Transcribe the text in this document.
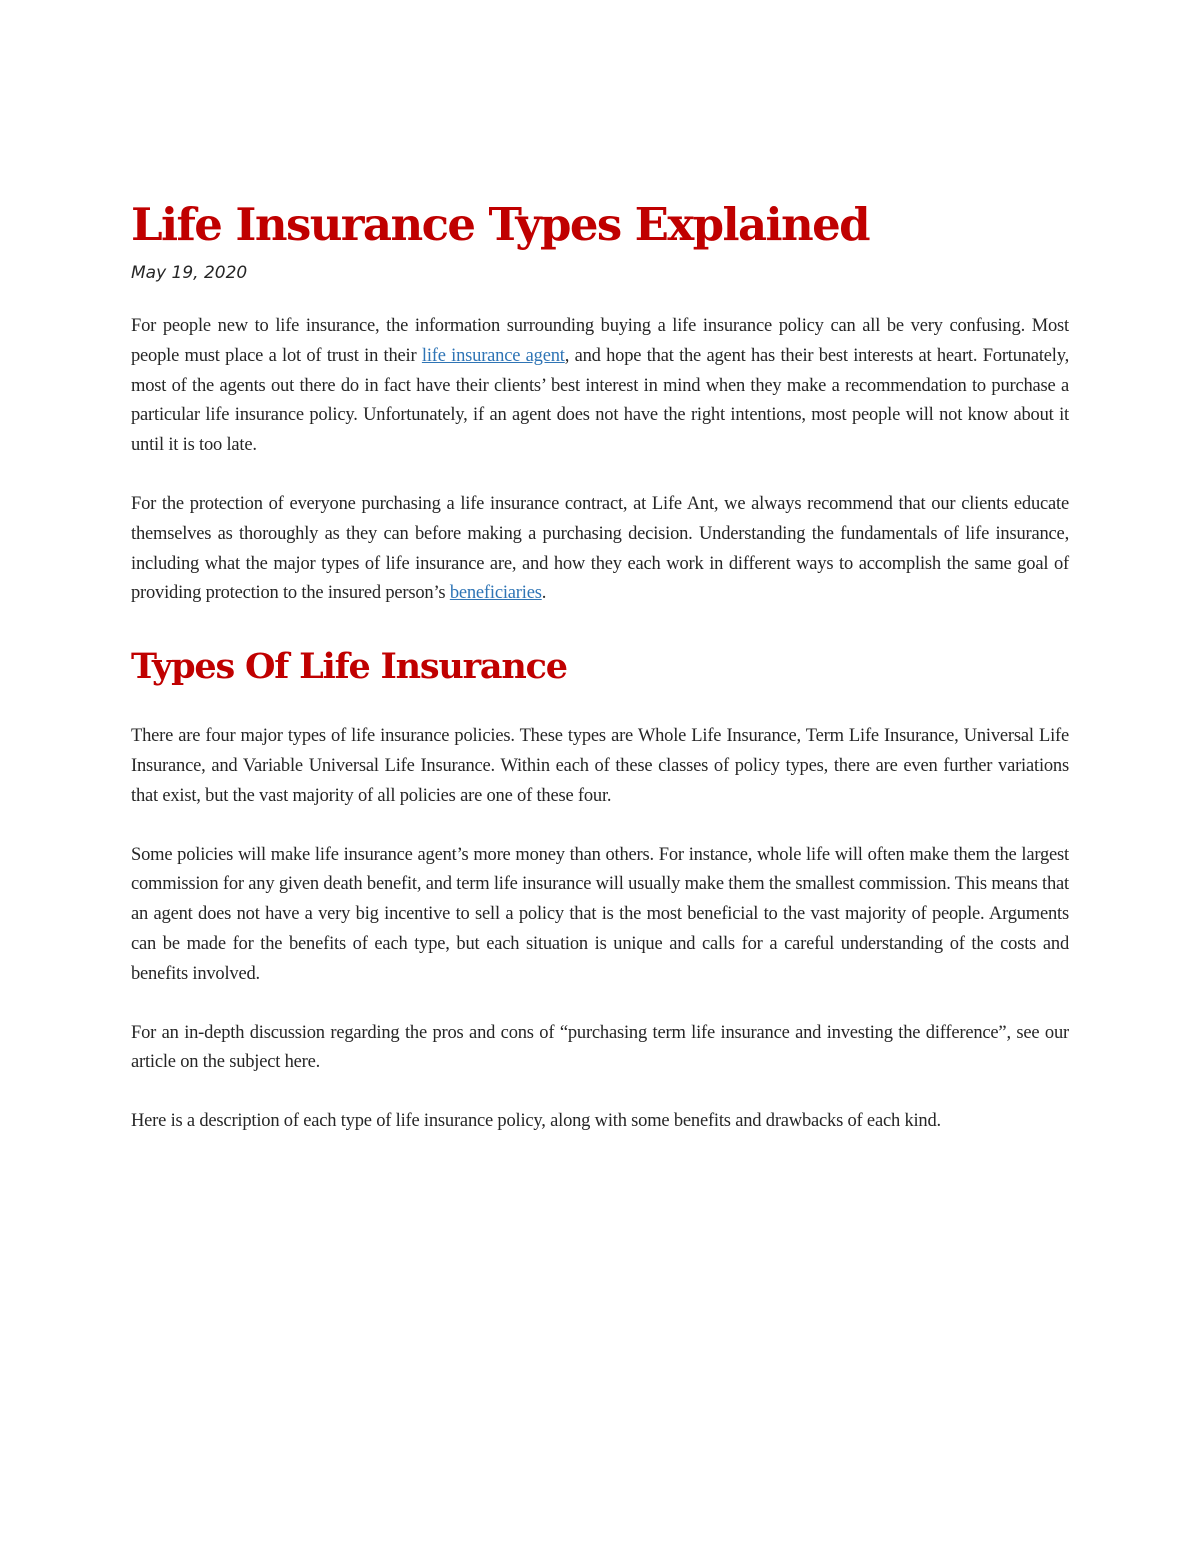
Life Insurance Types Explained

May 19, 2020

For people new to life insurance, the information surrounding buying a life insurance policy can all be very confusing. Most people must place a lot of trust in their life insurance agent, and hope that the agent has their best interests at heart. Fortunately, most of the agents out there do in fact have their clients’ best interest in mind when they make a recommendation to purchase a particular life insurance policy. Unfortunately, if an agent does not have the right intentions, most people will not know about it until it is too late.

For the protection of everyone purchasing a life insurance contract, at Life Ant, we always recommend that our clients educate themselves as thoroughly as they can before making a purchasing decision. Understanding the fundamentals of life insurance, including what the major types of life insurance are, and how they each work in different ways to accomplish the same goal of providing protection to the insured person’s beneficiaries.

Types Of Life Insurance

There are four major types of life insurance policies. These types are Whole Life Insurance, Term Life Insurance, Universal Life Insurance, and Variable Universal Life Insurance. Within each of these classes of policy types, there are even further variations that exist, but the vast majority of all policies are one of these four.

Some policies will make life insurance agent’s more money than others. For instance, whole life will often make them the largest commission for any given death benefit, and term life insurance will usually make them the smallest commission. This means that an agent does not have a very big incentive to sell a policy that is the most beneficial to the vast majority of people. Arguments can be made for the benefits of each type, but each situation is unique and calls for a careful understanding of the costs and benefits involved.

For an in-depth discussion regarding the pros and cons of “purchasing term life insurance and investing the difference”, see our article on the subject here.

Here is a description of each type of life insurance policy, along with some benefits and drawbacks of each kind.
